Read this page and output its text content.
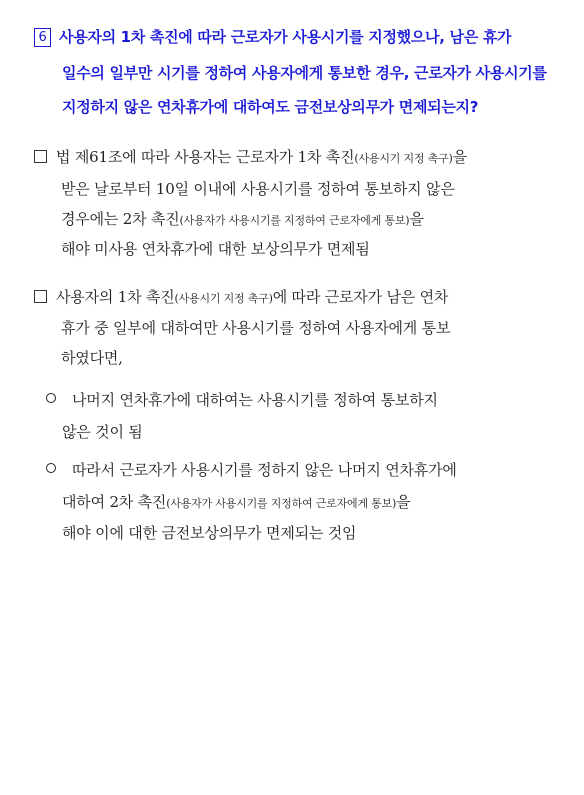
6 사용자의 1차 촉진에 따라 근로자가 사용시기를 지정했으나, 남은 휴가
일수의 일부만 시기를 정하여 사용자에게 통보한 경우, 근로자가 사용시기를
지정하지 않은 연차휴가에 대하여도 금전보상의무가 면제되는지?
법 제61조에 따라 사용자는 근로자가 1차 촉진(사용시기 지정 촉구)을
받은 날로부터 10일 이내에 사용시기를 정하여 통보하지 않은
경우에는 2차 촉진(사용자가 사용시기를 지정하여 근로자에게 통보)을
해야 미사용 연차휴가에 대한 보상의무가 면제됨
사용자의 1차 촉진(사용시기 지정 촉구)에 따라 근로자가 남은 연차
휴가 중 일부에 대하여만 사용시기를 정하여 사용자에게 통보
하였다면,
나머지 연차휴가에 대하여는 사용시기를 정하여 통보하지
않은 것이 됨
따라서 근로자가 사용시기를 정하지 않은 나머지 연차휴가에
대하여 2차 촉진(사용자가 사용시기를 지정하여 근로자에게 통보)을
해야 이에 대한 금전보상의무가 면제되는 것임
